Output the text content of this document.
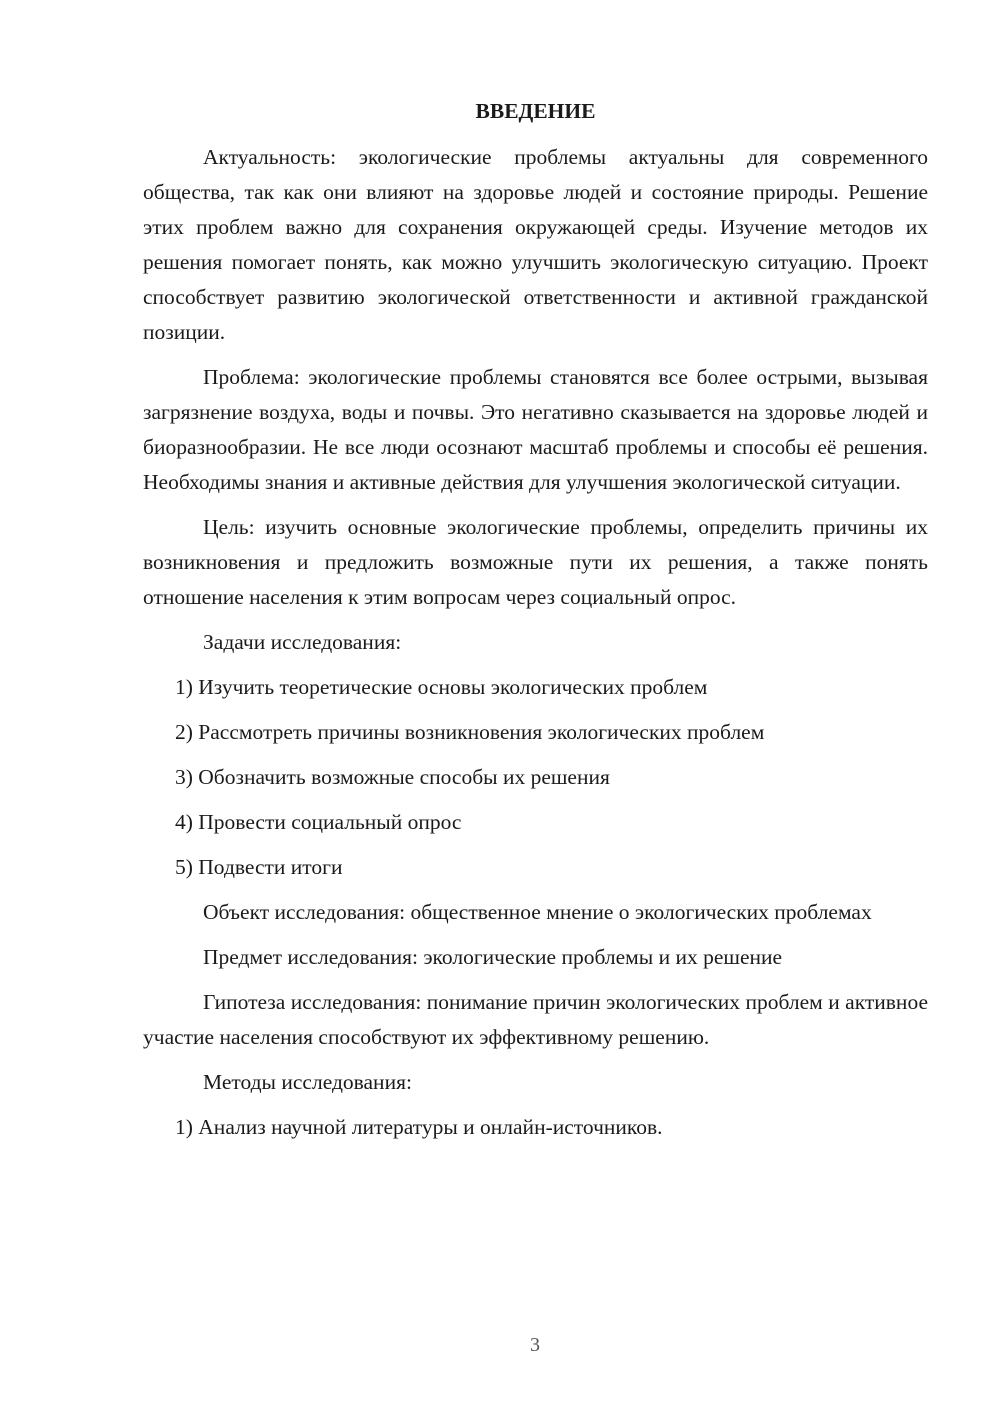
ВВЕДЕНИЕ

Актуальность: экологические проблемы актуальны для современного общества, так как они влияют на здоровье людей и состояние природы. Решение этих проблем важно для сохранения окружающей среды. Изучение методов их решения помогает понять, как можно улучшить экологическую ситуацию. Проект способствует развитию экологической ответственности и активной гражданской позиции.

Проблема: экологические проблемы становятся все более острыми, вызывая загрязнение воздуха, воды и почвы. Это негативно сказывается на здоровье людей и биоразнообразии. Не все люди осознают масштаб проблемы и способы её решения. Необходимы знания и активные действия для улучшения экологической ситуации.

Цель: изучить основные экологические проблемы, определить причины их возникновения и предложить возможные пути их решения, а также понять отношение населения к этим вопросам через социальный опрос.

Задачи исследования:

1) Изучить теоретические основы экологических проблем
2) Рассмотреть причины возникновения экологических проблем
3) Обозначить возможные способы их решения
4) Провести социальный опрос
5) Подвести итоги

Объект исследования: общественное мнение о экологических проблемах

Предмет исследования: экологические проблемы и их решение

Гипотеза исследования: понимание причин экологических проблем и активное участие населения способствуют их эффективному решению.

Методы исследования:

1) Анализ научной литературы и онлайн-источников.
3
